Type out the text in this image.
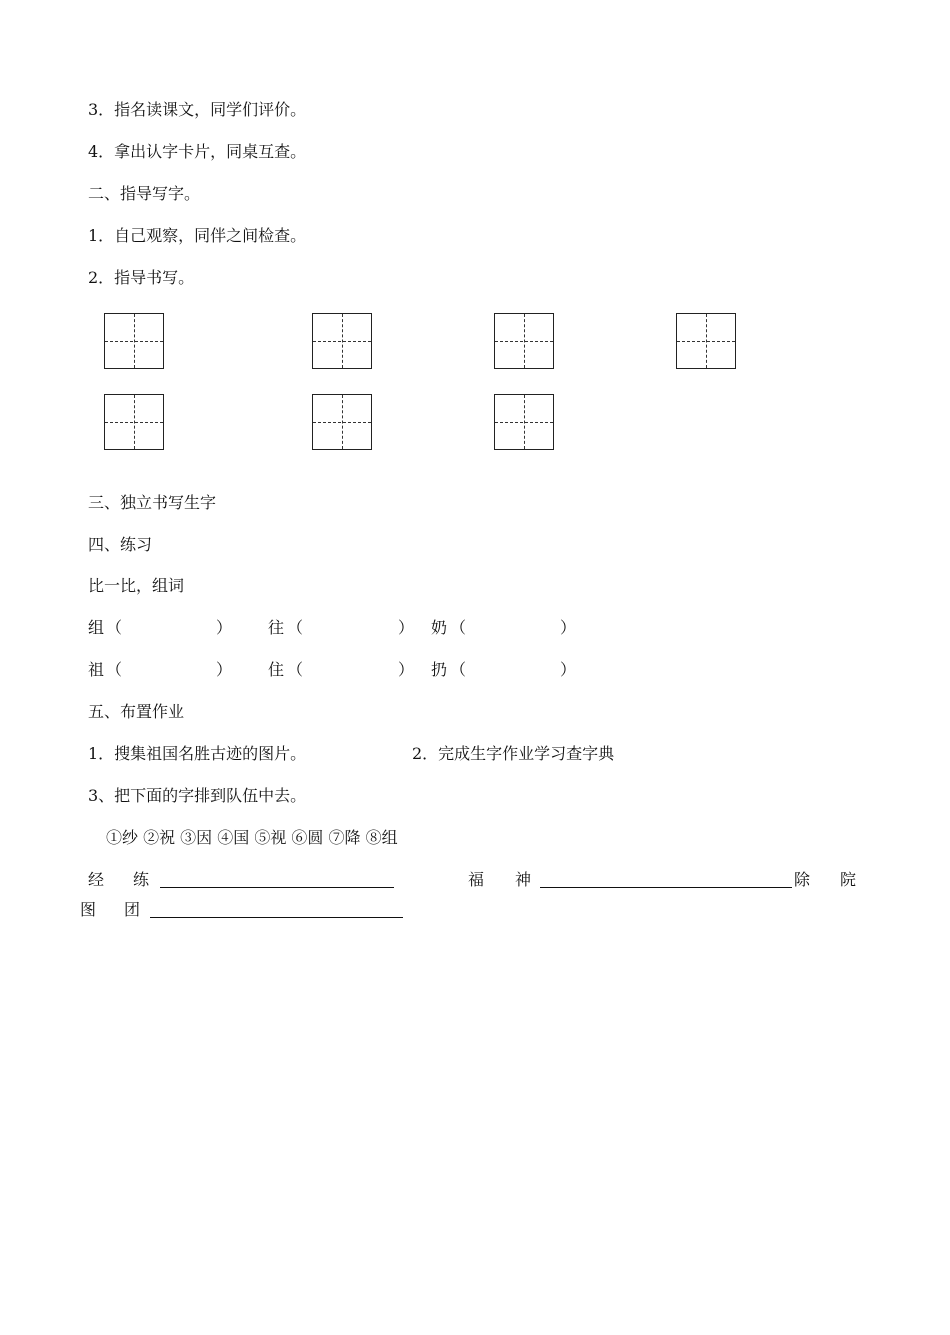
3．指名读课文，同学们评价。
4．拿出认字卡片，同桌互查。
二、指导写字。
1．自己观察，同伴之间检查。
2．指导书写。
三、独立书写生字
四、练习
比一比，组词
组 （	） 往 （	） 奶 （	）
祖 （	） 住 （	） 扔 （	）
五、布置作业
1．搜集祖国名胜古迹的图片。	2．完成生字作业学习查字典
3、把下面的字排到队伍中去。
①纱 ②祝 ③因 ④国 ⑤视 ⑥圆 ⑦降 ⑧组
经 练	福 神	除 院
图 团
